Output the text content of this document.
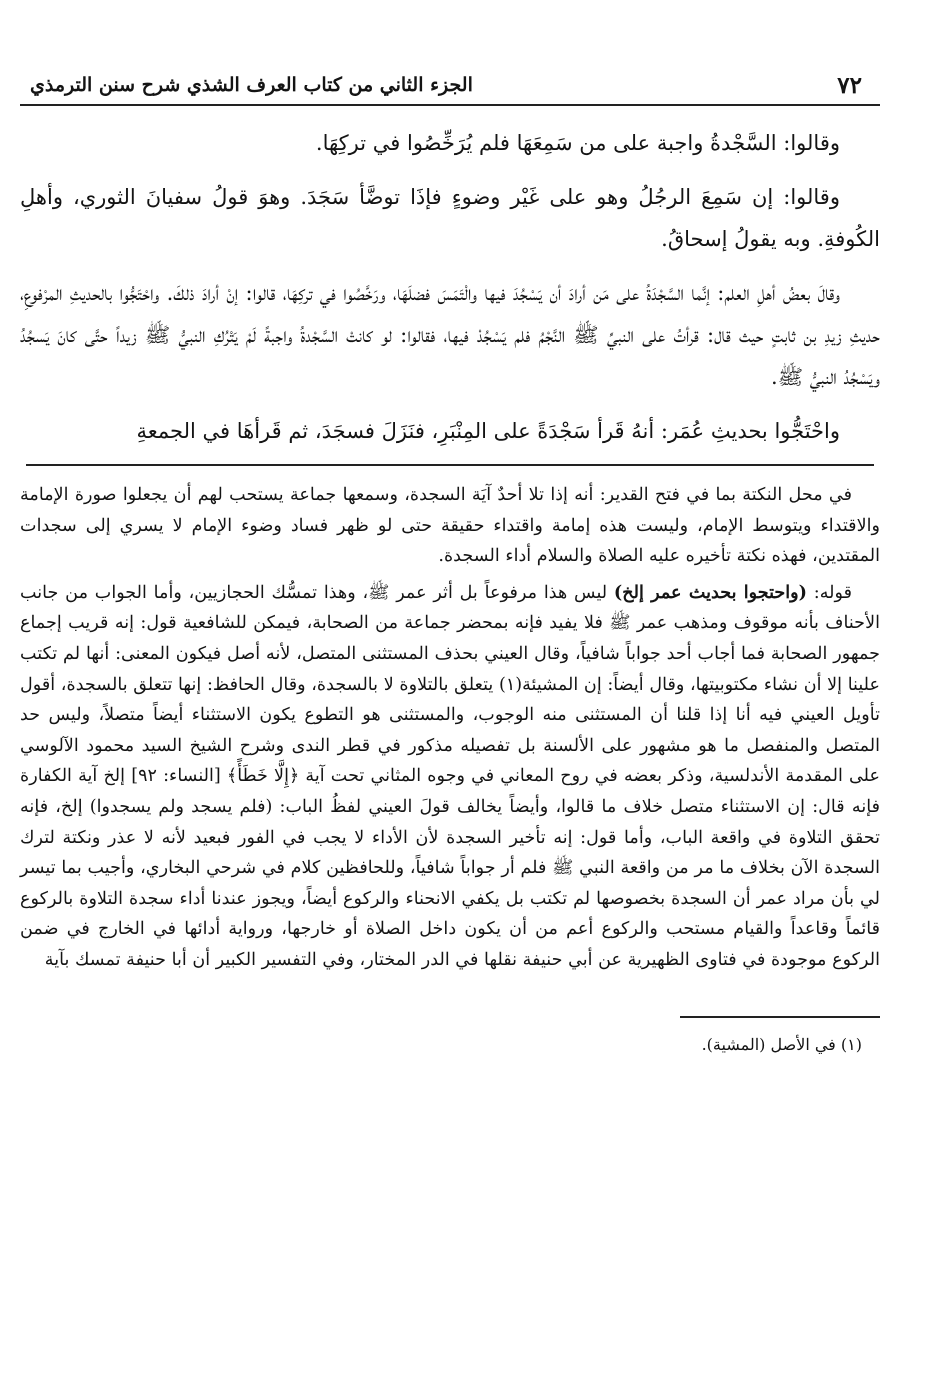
٧٢
الجزء الثاني من كتاب العرف الشذي شرح سنن الترمذي

وقالوا: السَّجْدةُ واجبة على من سَمِعَهَا فلم يُرَخِّصُوا في تركِهَا.

وقالوا: إن سَمِعَ الرجُلُ وهو على غَيْر وضوءٍ فإذَا توضَّأ سَجَدَ. وهوَ قولُ سفيانَ الثوري، وأهلِ الكُوفةِ. وبه يقولُ إسحاقُ.

وقالَ بعضُ أهلِ العلم: إنَّما السَّجْدَةُ على مَن أرادَ أن يَسْجُدَ فيها والْتَمَسَ فضلَهَا، ورَخَّصُوا في تركِهَا، قالوا: إنْ أرادَ ذلكَ. واحْتَجُّوا بالحديثِ المرْفوعِ، حديثِ زيدِ بن ثابتٍ حيث قال: قرأتُ على النبيِّ ﷺ النَّجْمُ فلم يَسْجُدْ فيها، فقالوا: لو كانتْ السَّجْدةُ واجبةً لَمْ يَتْرُكِ النبيُّ ﷺ زيداً حتَّى كانَ يَسجُدُ ويَسْجُدُ النبيُّ ﷺ.

واحْتَجُّوا بحديثِ عُمَر: أنهُ قَرأ سَجْدَةً على المِنْبَرِ، فنَزَلَ فسجَدَ، ثم قَرأهَا في الجمعةِ

في محل النكتة بما في فتح القدير: أنه إذا تلا أحدٌ آيَة السجدة، وسمعها جماعة يستحب لهم أن يجعلوا صورة الإمامة والاقتداء ويتوسط الإمام، وليست هذه إمامة واقتداء حقيقة حتى لو ظهر فساد وضوء الإمام لا يسري إلى سجدات المقتدين، فهذه نكتة تأخيره عليه الصلاة والسلام أداء السجدة.

قوله: (واحتجوا بحديث عمر إلخ) ليس هذا مرفوعاً بل أثر عمر ﷺ، وهذا تمسُّك الحجازيين، وأما الجواب من جانب الأحناف بأنه موقوف ومذهب عمر ﷺ فلا يفيد فإنه بمحضر جماعة من الصحابة، فيمكن للشافعية قول: إنه قريب إجماع جمهور الصحابة فما أجاب أحد جواباً شافياً، وقال العيني بحذف المستثنى المتصل، لأنه أصل فيكون المعنى: أنها لم تكتب علينا إلا أن نشاء مكتوبيتها، وقال أيضاً: إن المشيئة(١) يتعلق بالتلاوة لا بالسجدة، وقال الحافظ: إنها تتعلق بالسجدة، أقول تأويل العيني فيه أنا إذا قلنا أن المستثنى منه الوجوب، والمستثنى هو التطوع يكون الاستثناء أيضاً متصلاً، وليس حد المتصل والمنفصل ما هو مشهور على الألسنة بل تفصيله مذكور في قطر الندى وشرح الشيخ السيد محمود الآلوسي على المقدمة الأندلسية، وذكر بعضه في روح المعاني في وجوه المثاني تحت آية ﴿إِلَّا خَطَأً﴾ [النساء: ٩٢] إلخ آية الكفارة فإنه قال: إن الاستثناء متصل خلاف ما قالوا، وأيضاً يخالف قولَ العيني لفظُ الباب: (فلم يسجد ولم يسجدوا) إلخ، فإنه تحقق التلاوة في واقعة الباب، وأما قول: إنه تأخير السجدة لأن الأداء لا يجب في الفور فبعيد لأنه لا عذر ونكتة لترك السجدة الآن بخلاف ما مر من واقعة النبي ﷺ فلم أر جواباً شافياً، وللحافظين كلام في شرحي البخاري، وأجيب بما تيسر لي بأن مراد عمر أن السجدة بخصوصها لم تكتب بل يكفي الانحناء والركوع أيضاً، ويجوز عندنا أداء سجدة التلاوة بالركوع قائماً وقاعداً والقيام مستحب والركوع أعم من أن يكون داخل الصلاة أو خارجها، ورواية أدائها في الخارج في ضمن الركوع موجودة في فتاوى الظهيرية عن أبي حنيفة نقلها في الدر المختار، وفي التفسير الكبير أن أبا حنيفة تمسك بآية

(١) في الأصل (المشية).
